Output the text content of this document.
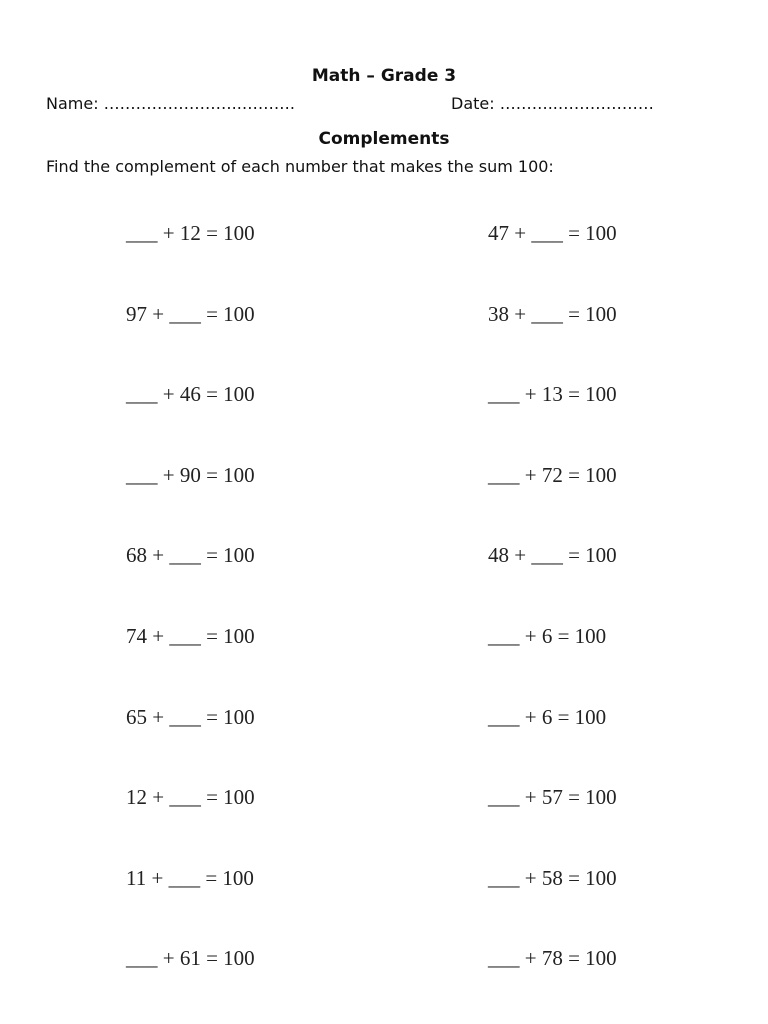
Math – Grade 3
Name: ……………………..……….	Date: ………..………………
Complements
Find the complement of each number that makes the sum 100:
___ + 12 = 100	47 + ___ = 100
97 + ___ = 100	38 + ___ = 100
___ + 46 = 100	___ + 13 = 100
___ + 90 = 100	___ + 72 = 100
68 + ___ = 100	48 + ___ = 100
74 + ___ = 100	___ + 6 = 100
65 + ___ = 100	___ + 6 = 100
12 + ___ = 100	___ + 57 = 100
11 + ___ = 100	___ + 58 = 100
___ + 61 = 100	___ + 78 = 100
